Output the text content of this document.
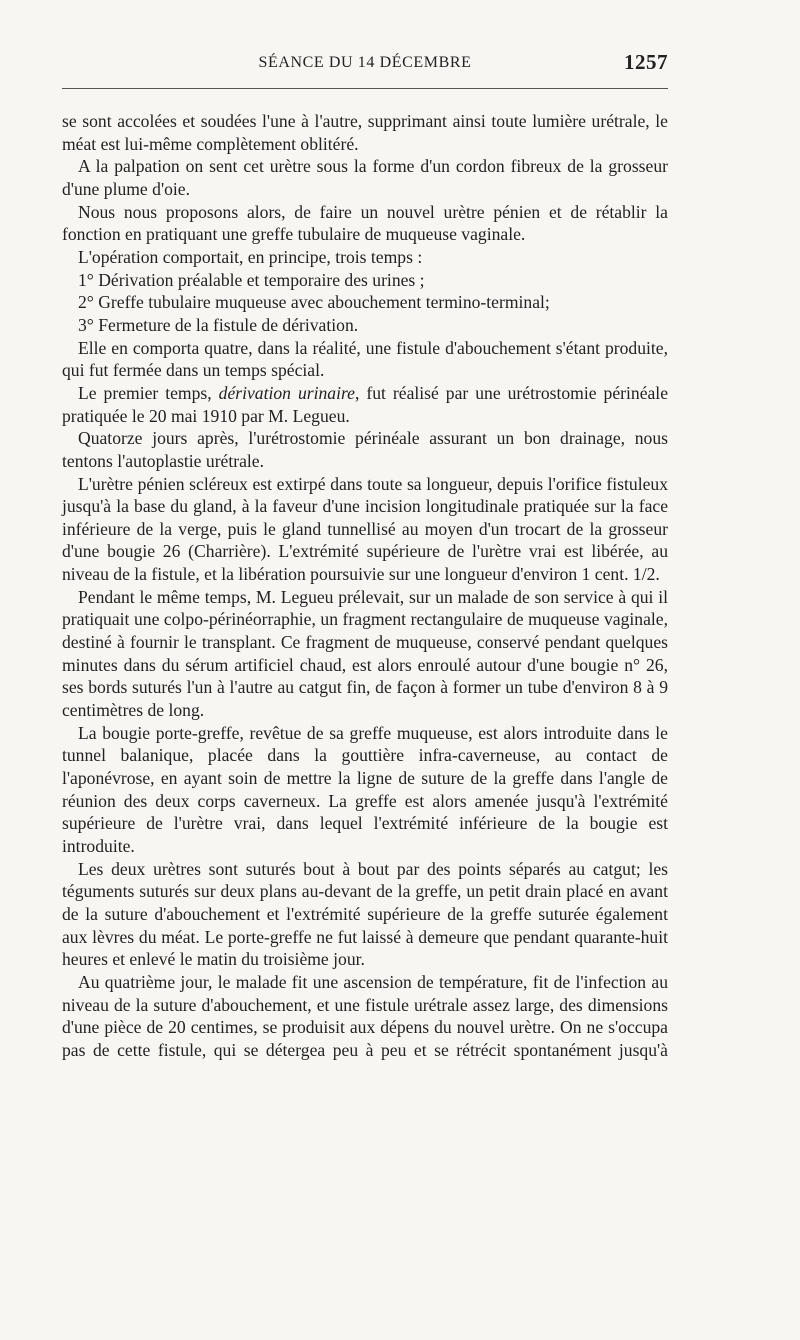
SÉANCE DU 14 DÉCEMBRE	1257

se sont accolées et soudées l'une à l'autre, supprimant ainsi toute lumière urétrale, le méat est lui-même complètement oblitéré.

A la palpation on sent cet urètre sous la forme d'un cordon fibreux de la grosseur d'une plume d'oie.

Nous nous proposons alors, de faire un nouvel urètre pénien et de rétablir la fonction en pratiquant une greffe tubulaire de muqueuse vaginale.

L'opération comportait, en principe, trois temps :

1° Dérivation préalable et temporaire des urines ;

2° Greffe tubulaire muqueuse avec abouchement termino-terminal;

3° Fermeture de la fistule de dérivation.

Elle en comporta quatre, dans la réalité, une fistule d'abouchement s'étant produite, qui fut fermée dans un temps spécial.

Le premier temps, dérivation urinaire, fut réalisé par une urétrostomie périnéale pratiquée le 20 mai 1910 par M. Legueu.

Quatorze jours après, l'urétrostomie périnéale assurant un bon drainage, nous tentons l'autoplastie urétrale.

L'urètre pénien scléreux est extirpé dans toute sa longueur, depuis l'orifice fistuleux jusqu'à la base du gland, à la faveur d'une incision longitudinale pratiquée sur la face inférieure de la verge, puis le gland tunnellisé au moyen d'un trocart de la grosseur d'une bougie 26 (Charrière). L'extrémité supérieure de l'urètre vrai est libérée, au niveau de la fistule, et la libération poursuivie sur une longueur d'environ 1 cent. 1/2.

Pendant le même temps, M. Legueu prélevait, sur un malade de son service à qui il pratiquait une colpo-périnéorraphie, un fragment rectangulaire de muqueuse vaginale, destiné à fournir le transplant. Ce fragment de muqueuse, conservé pendant quelques minutes dans du sérum artificiel chaud, est alors enroulé autour d'une bougie n° 26, ses bords suturés l'un à l'autre au catgut fin, de façon à former un tube d'environ 8 à 9 centimètres de long.

La bougie porte-greffe, revêtue de sa greffe muqueuse, est alors introduite dans le tunnel balanique, placée dans la gouttière infra-caverneuse, au contact de l'aponévrose, en ayant soin de mettre la ligne de suture de la greffe dans l'angle de réunion des deux corps caverneux. La greffe est alors amenée jusqu'à l'extrémité supérieure de l'urètre vrai, dans lequel l'extrémité inférieure de la bougie est introduite.

Les deux urètres sont suturés bout à bout par des points séparés au catgut; les téguments suturés sur deux plans au-devant de la greffe, un petit drain placé en avant de la suture d'abouchement et l'extrémité supérieure de la greffe suturée également aux lèvres du méat. Le porte-greffe ne fut laissé à demeure que pendant quarante-huit heures et enlevé le matin du troisième jour.

Au quatrième jour, le malade fit une ascension de température, fit de l'infection au niveau de la suture d'abouchement, et une fistule urétrale assez large, des dimensions d'une pièce de 20 centimes, se produisit aux dépens du nouvel urètre. On ne s'occupa pas de cette fistule, qui se détergea peu à peu et se rétrécit spontanément jusqu'à
